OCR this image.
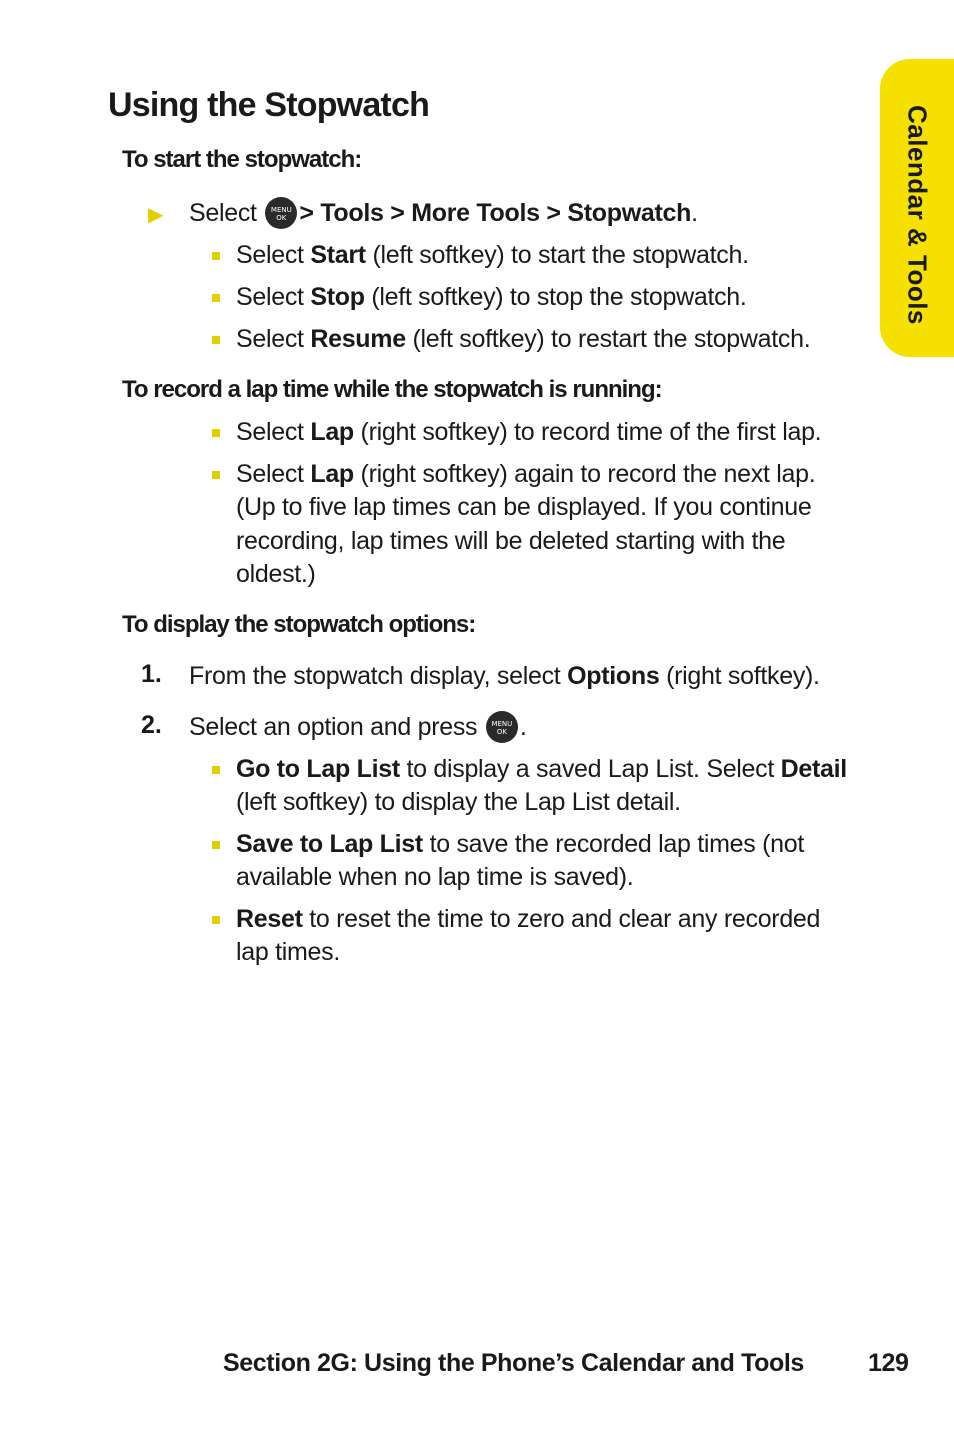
Calendar & Tools
Using the Stopwatch
To start the stopwatch:
▶ Select	MENU
OK > Tools > More Tools > Stopwatch.
Select Start (left softkey) to start the stopwatch.
Select Stop (left softkey) to stop the stopwatch.
Select Resume (left softkey) to restart the stopwatch.
To record a lap time while the stopwatch is running:
Select Lap (right softkey) to record time of the first lap.
Select Lap (right softkey) again to record the next lap.
(Up to five lap times can be displayed. If you continue
recording, lap times will be deleted starting with the
oldest.)
To display the stopwatch options:
1. From the stopwatch display, select Options (right softkey).
2. Select an option and press	MENU
OK .
Go to Lap List to display a saved Lap List. Select Detail
(left softkey) to display the Lap List detail.
Save to Lap List to save the recorded lap times (not
available when no lap time is saved).
Reset to reset the time to zero and clear any recorded
lap times.
Section 2G: Using the Phone’s Calendar and Tools	129
